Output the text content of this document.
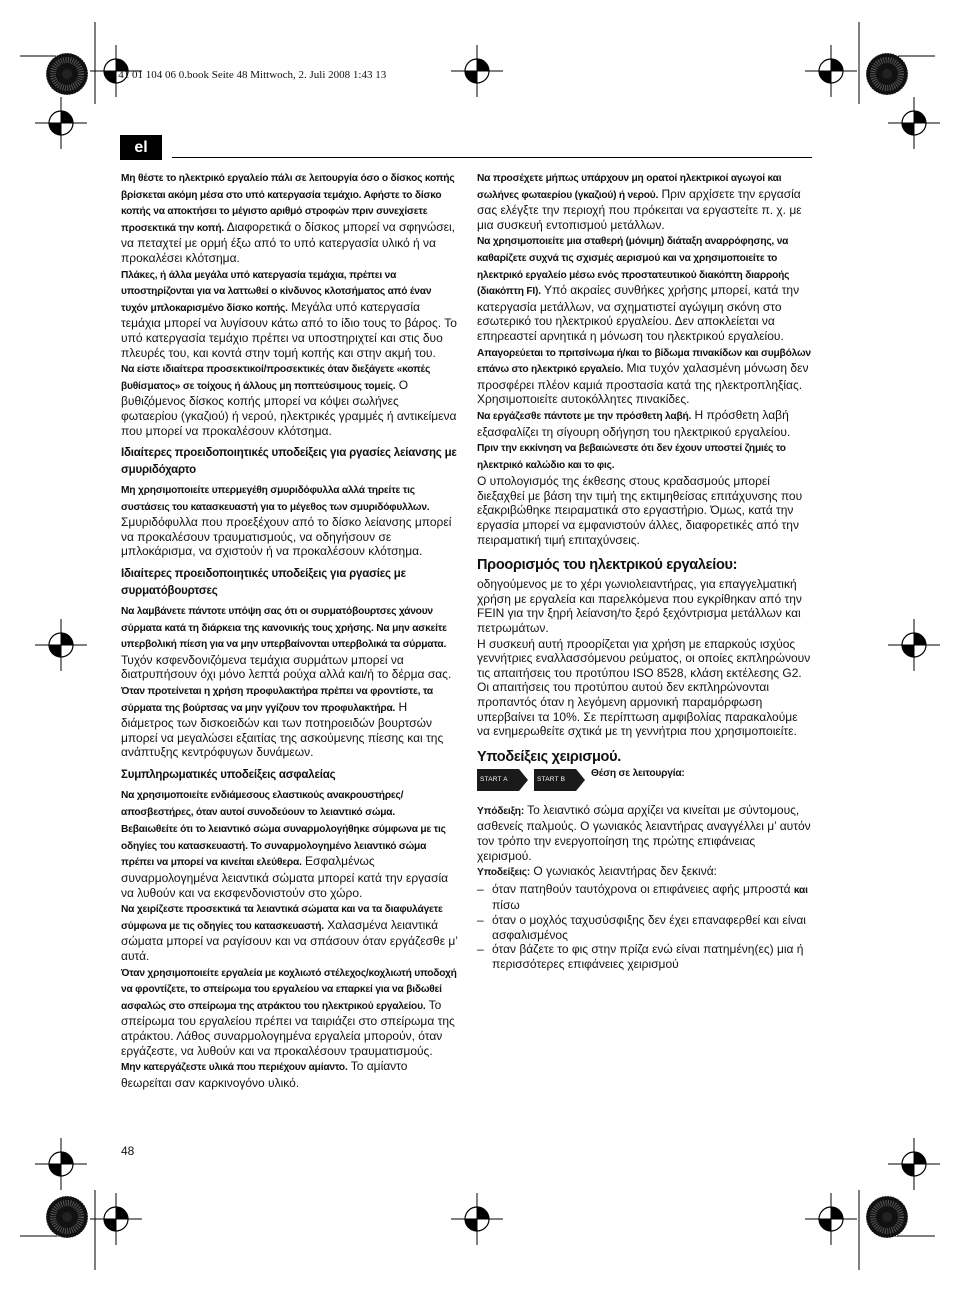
3 41 01 104 06 0.book Seite 48 Mittwoch, 2. Juli 2008 1:43 13
el

Μη θέστε το ηλεκτρικό εργαλείο πάλι σε λειτουργία όσο ο δίσκος κοπής βρίσκεται ακόμη μέσα στο υπό κατεργασία τεμάχιο. Αφήστε το δίσκο κοπής να αποκτήσει το μέγιστο αριθμό στροφών πριν συνεχίσετε προσεκτικά την κοπή. Διαφορετικά ο δίσκος μπορεί να σφηνώσει, να πεταχτεί με ορμή έξω από το υπό κατεργασία υλικό ή να προκαλέσει κλότσημα.

Πλάκες, ή άλλα μεγάλα υπό κατεργασία τεμάχια, πρέπει να υποστηρίζονται για να λαττωθεί ο κίνδυνος κλοτσήματος από έναν τυχόν μπλοκαρισμένο δίσκο κοπής. Μεγάλα υπό κατεργασία τεμάχια μπορεί να λυγίσουν κάτω από το ίδιο τους το βάρος. Το υπό κατεργασία τεμάχιο πρέπει να υποστηριχτεί και στις δυο πλευρές του, και κοντά στην τομή κοπής και στην ακμή του.

Να είστε ιδιαίτερα προσεκτικοί/προσεκτικές όταν διεξάγετε «κοπές βυθίσματος» σε τοίχους ή άλλους μη ποπτεύσιμους τομείς. Ο βυθιζόμενος δίσκος κοπής μπορεί να κόψει σωλήνες φωταερίου (γκαζιού) ή νερού, ηλεκτρικές γραμμές ή αντικείμενα που μπορεί να προκαλέσουν κλότσημα.

Ιδιαίτερες προειδοποιητικές υποδείξεις για ργασίες λείανσης με σμυριδόχαρτο

Μη χρησιμοποιείτε υπερμεγέθη σμυριδόφυλλα αλλά τηρείτε τις συστάσεις του κατασκευαστή για το μέγεθος των σμυριδόφυλλων. Σμυριδόφυλλα που προεξέχουν από το δίσκο λείανσης μπορεί να προκαλέσουν τραυματισμούς, να οδηγήσουν σε μπλοκάρισμα, να σχιστούν ή να προκαλέσουν κλότσημα.

Ιδιαίτερες προειδοποιητικές υποδείξεις για ργασίες με συρματόβουρτσες

Να λαμβάνετε πάντοτε υπόψη σας ότι οι συρματόβουρτσες χάνουν σύρματα κατά τη διάρκεια της κανονικής τους χρήσης. Να μην ασκείτε υπερβολική πίεση για να μην υπερβαίνονται υπερβολικά τα σύρματα. Τυχόν κσφενδονιζόμενα τεμάχια συρμάτων μπορεί να διατρυπήσουν όχι μόνο λεπτά ρούχα αλλά και/ή το δέρμα σας.

Όταν προτείνεται η χρήση προφυλακτήρα πρέπει να φροντίστε, τα σύρματα της βούρτσας να μην γγίζουν τον προφυλακτήρα. Η διάμετρος των δισκοειδών και των ποτηροειδών βουρτσών μπορεί να μεγαλώσει εξαιτίας της ασκούμενης πίεσης και της ανάπτυξης κεντρόφυγων δυνάμεων.

Συμπληρωματικές υποδείξεις ασφαλείας

Να χρησιμοποιείτε ενδιάμεσους ελαστικούς ανακρουστήρες/αποσβεστήρες, όταν αυτοί συνοδεύουν το λειαντικό σώμα.

Βεβαιωθείτε ότι το λειαντικό σώμα συναρμολογήθηκε σύμφωνα με τις οδηγίες του κατασκευαστή. Το συναρμολογημένο λειαντικό σώμα πρέπει να μπορεί να κινείται ελεύθερα. Εσφαλμένως συναρμολογημένα λειαντικά σώματα μπορεί κατά την εργασία να λυθούν και να εκσφενδονιστούν στο χώρο.

Να χειρίζεστε προσεκτικά τα λειαντικά σώματα και να τα διαφυλάγετε σύμφωνα με τις οδηγίες του κατασκευαστή. Χαλασμένα λειαντικά σώματα μπορεί να ραγίσουν και να σπάσουν όταν εργάζεσθε μ’ αυτά.

Όταν χρησιμοποιείτε εργαλεία με κοχλιωτό στέλεχος/κοχλιωτή υποδοχή να φροντίζετε, το σπείρωμα του εργαλείου να επαρκεί για να βιδωθεί ασφαλώς στο σπείρωμα της ατράκτου του ηλεκτρικού εργαλείου. Το σπείρωμα του εργαλείου πρέπει να ταιριάζει στο σπείρωμα της ατράκτου. Λάθος συναρμολογημένα εργαλεία μπορούν, όταν εργάζεστε, να λυθούν και να προκαλέσουν τραυματισμούς.

Μην κατεργάζεστε υλικά που περιέχουν αμίαντο. Το αμίαντο θεωρείται σαν καρκινογόνο υλικό.

Να προσέχετε μήπως υπάρχουν μη ορατοί ηλεκτρικοί αγωγοί και σωλήνες φωταερίου (γκαζιού) ή νερού. Πριν αρχίσετε την εργασία σας ελέγξτε την περιοχή που πρόκειται να εργαστείτε π. χ. με μια συσκευή εντοπισμού μετάλλων.

Να χρησιμοποιείτε μια σταθερή (μόνιμη) διάταξη αναρρόφησης, να καθαρίζετε συχνά τις σχισμές αερισμού και να χρησιμοποιείτε το ηλεκτρικό εργαλείο μέσω ενός προστατευτικού διακόπτη διαρροής (διακόπτη FI). Υπό ακραίες συνθήκες χρήσης μπορεί, κατά την κατεργασία μετάλλων, να σχηματιστεί αγώγιμη σκόνη στο εσωτερικό του ηλεκτρικού εργαλείου. Δεν αποκλείεται να επηρεαστεί αρνητικά η μόνωση του ηλεκτρικού εργαλείου.

Απαγορεύεται το πριτσίνωμα ή/και το βίδωμα πινακίδων και συμβόλων επάνω στο ηλεκτρικό εργαλείο. Μια τυχόν χαλασμένη μόνωση δεν προσφέρει πλέον καμιά προστασία κατά της ηλεκτροπληξίας. Χρησιμοποιείτε αυτοκόλλητες πινακίδες.

Να εργάζεσθε πάντοτε με την πρόσθετη λαβή. Η πρόσθετη λαβή εξασφαλίζει τη σίγουρη οδήγηση του ηλεκτρικού εργαλείου.

Πριν την εκκίνηση να βεβαιώνεστε ότι δεν έχουν υποστεί ζημιές το ηλεκτρικό καλώδιο και το φις.

Ο υπολογισμός της έκθεσης στους κραδασμούς μπορεί διεξαχθεί με βάση την τιμή της εκτιμηθείσας επιτάχυνσης που εξακριβώθηκε πειραματικά στο εργαστήριο. Όμως, κατά την εργασία μπορεί να εμφανιστούν άλλες, διαφορετικές από την πειραματική τιμή επιταχύνσεις.

Προορισμός του ηλεκτρικού εργαλείου:

οδηγούμενος με το χέρι γωνιολειαντήρας, για επαγγελματική χρήση με εργαλεία και παρελκόμενα που εγκρίθηκαν από την FEIN για την ξηρή λείανση/το ξερό ξεχόντρισμα μετάλλων και πετρωμάτων.

Η συσκευή αυτή προορίζεται για χρήση με επαρκούς ισχύος γεννήτριες εναλλασσόμενου ρεύματος, οι οποίες εκπληρώνουν τις απαιτήσεις του προτύπου ISO 8528, κλάση εκτέλεσης G2. Οι απαιτήσεις του προτύπου αυτού δεν εκπληρώνονται προπαντός όταν η λεγόμενη αρμονική παραμόρφωση υπερβαίνει τα 10%. Σε περίπτωση αμφιβολίας παρακαλούμε να ενημερωθείτε σχτικά με τη γεννήτρια που χρησιμοποιείτε.

Υποδείξεις χειρισμού.

START A	START B
Θέση σε λειτουργία:

Υπόδειξη: Το λειαντικό σώμα αρχίζει να κινείται με σύντομους, ασθενείς παλμούς. Ο γωνιακός λειαντήρας αναγγέλλει μ’ αυτόν τον τρόπο την ενεργοποίηση της πρώτης επιφάνειας χειρισμού.

Υποδείξεις: Ο γωνιακός λειαντήρας δεν ξεκινά:

– όταν πατηθούν ταυτόχρονα οι επιφάνειες αφής μπροστά και πίσω
– όταν ο μοχλός ταχυσύσφιξης δεν έχει επαναφερθεί και είναι ασφαλισμένος
– όταν βάζετε το φις στην πρίζα ενώ είναι πατημένη(ες) μια ή περισσότερες επιφάνειες χειρισμού
48
